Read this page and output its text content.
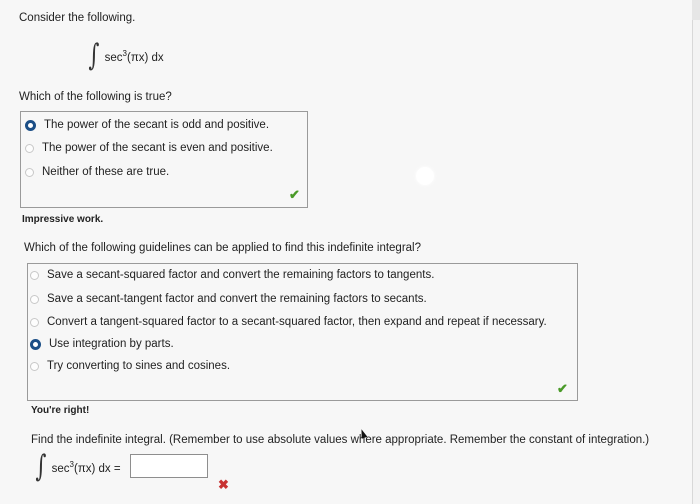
Consider the following.
∫ $\sec^3(\pi x)$ dx
Which of the following is true?
The power of the secant is odd and positive.
The power of the secant is even and positive.
Neither of these are true.
✔
Impressive work.
Which of the following guidelines can be applied to find this indefinite integral?
Save a secant-squared factor and convert the remaining factors to tangents.
Save a secant-tangent factor and convert the remaining factors to secants.
Convert a tangent-squared factor to a secant-squared factor, then expand and repeat if necessary.
Use integration by parts.
Try converting to sines and cosines.
✔
You're right!
Find the indefinite integral. (Remember to use absolute values where appropriate. Remember the constant of integration.)
∫ $\sec^3(\pi x)$ dx =
✖
